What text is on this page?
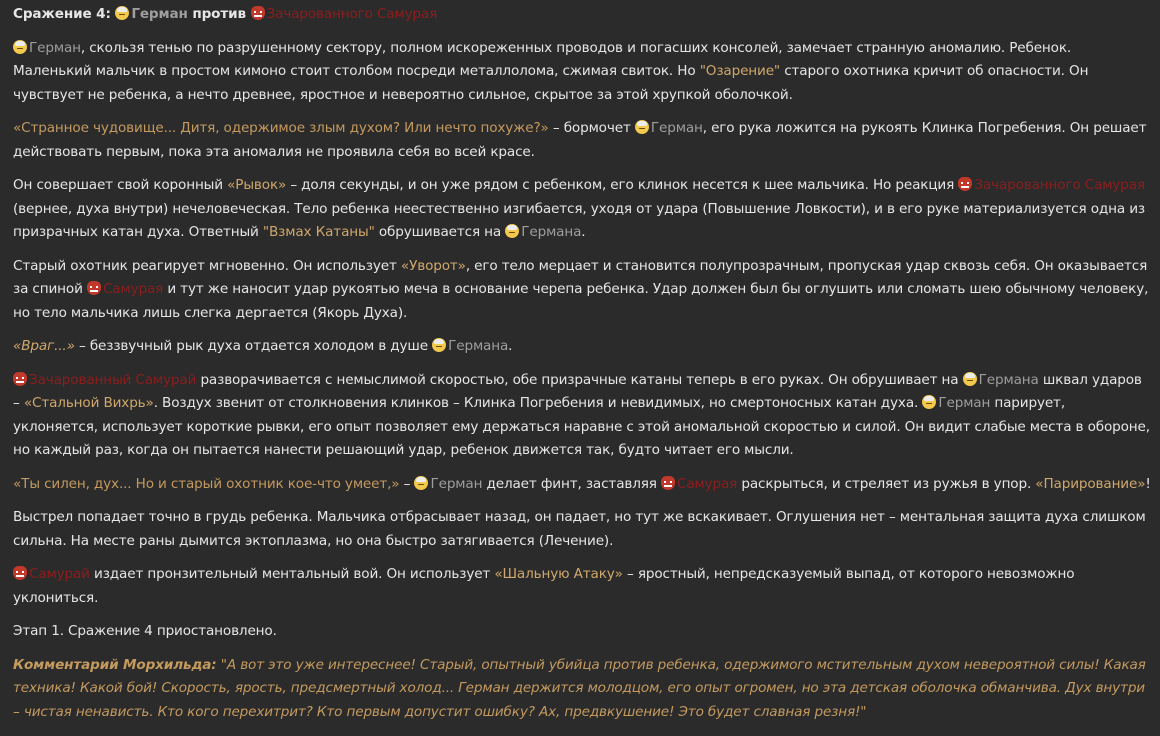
Сражение 4: Герман против Зачарованного Самурая

Герман, скользя тенью по разрушенному сектору, полном искореженных проводов и погасших консолей, замечает странную аномалию. Ребенок. Маленький мальчик в простом кимоно стоит столбом посреди металлолома, сжимая свиток. Но "Озарение" старого охотника кричит об опасности. Он чувствует не ребенка, а нечто древнее, яростное и невероятно сильное, скрытое за этой хрупкой оболочкой.

«Странное чудовище... Дитя, одержимое злым духом? Или нечто похуже?» – бормочет Герман, его рука ложится на рукоять Клинка Погребения. Он решает действовать первым, пока эта аномалия не проявила себя во всей красе.

Он совершает свой коронный «Рывок» – доля секунды, и он уже рядом с ребенком, его клинок несется к шее мальчика. Но реакция Зачарованного Самурая (вернее, духа внутри) нечеловеческая. Тело ребенка неестественно изгибается, уходя от удара (Повышение Ловкости), и в его руке материализуется одна из призрачных катан духа. Ответный "Взмах Катаны" обрушивается на Германа.

Старый охотник реагирует мгновенно. Он использует «Уворот», его тело мерцает и становится полупрозрачным, пропуская удар сквозь себя. Он оказывается за спиной Самурая и тут же наносит удар рукоятью меча в основание черепа ребенка. Удар должен был бы оглушить или сломать шею обычному человеку, но тело мальчика лишь слегка дергается (Якорь Духа).

«Враг...» – беззвучный рык духа отдается холодом в душе Германа.

Зачарованный Самурай разворачивается с немыслимой скоростью, обе призрачные катаны теперь в его руках. Он обрушивает на Германа шквал ударов – «Стальной Вихрь». Воздух звенит от столкновения клинков – Клинка Погребения и невидимых, но смертоносных катан духа. Герман парирует, уклоняется, использует короткие рывки, его опыт позволяет ему держаться наравне с этой аномальной скоростью и силой. Он видит слабые места в обороне, но каждый раз, когда он пытается нанести решающий удар, ребенок движется так, будто читает его мысли.

«Ты силен, дух... Но и старый охотник кое-что умеет,» – Герман делает финт, заставляя Самурая раскрыться, и стреляет из ружья в упор. «Парирование»!

Выстрел попадает точно в грудь ребенка. Мальчика отбрасывает назад, он падает, но тут же вскакивает. Оглушения нет – ментальная защита духа слишком сильна. На месте раны дымится эктоплазма, но она быстро затягивается (Лечение).

Самурай издает пронзительный ментальный вой. Он использует «Шальную Атаку» – яростный, непредсказуемый выпад, от которого невозможно уклониться.

Этап 1. Сражение 4 приостановлено.

Комментарий Морхильда: "А вот это уже интереснее! Старый, опытный убийца против ребенка, одержимого мстительным духом невероятной силы! Какая техника! Какой бой! Скорость, ярость, предсмертный холод... Герман держится молодцом, его опыт огромен, но эта детская оболочка обманчива. Дух внутри – чистая ненависть. Кто кого перехитрит? Кто первым допустит ошибку? Ах, предвкушение! Это будет славная резня!"
